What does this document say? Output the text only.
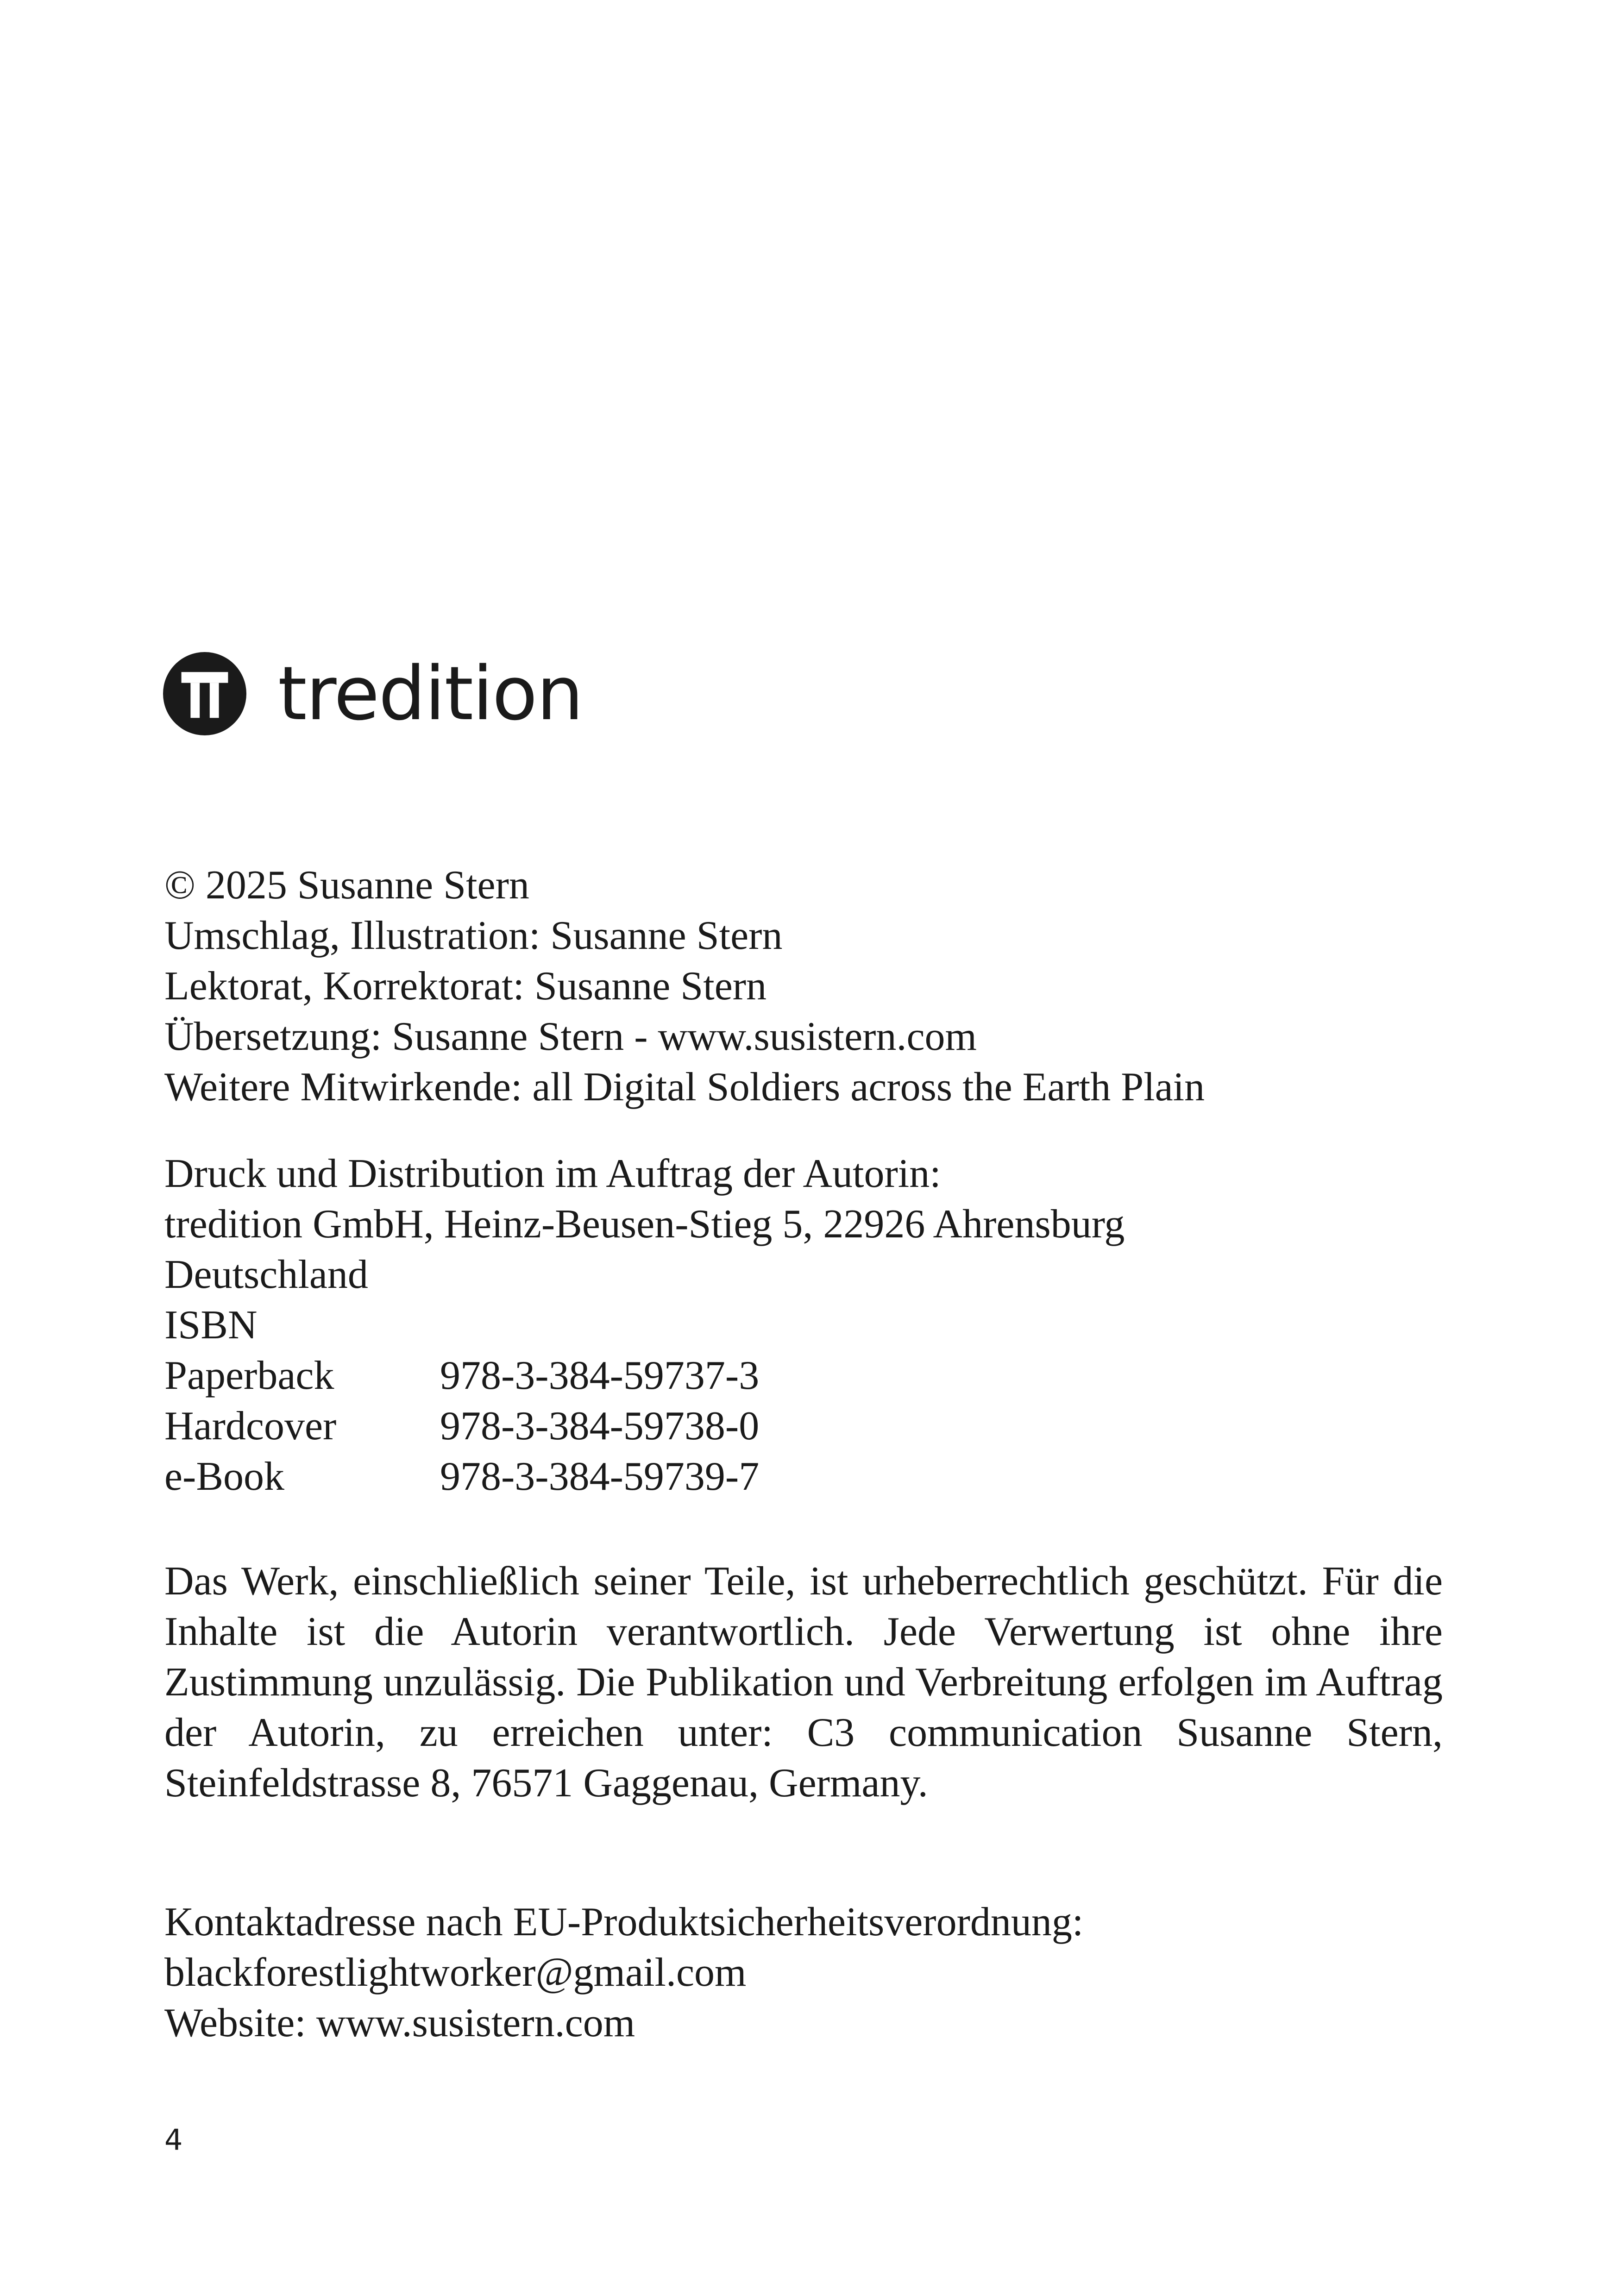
tredition
© 2025 Susanne Stern
Umschlag, Illustration: Susanne Stern
Lektorat, Korrektorat: Susanne Stern
Übersetzung: Susanne Stern - www.susistern.com
Weitere Mitwirkende: all Digital Soldiers across the Earth Plain
Druck und Distribution im Auftrag der Autorin:
tredition GmbH, Heinz-Beusen-Stieg 5, 22926 Ahrensburg
Deutschland
ISBN
Paperback	978-3-384-59737-3
Hardcover	978-3-384-59738-0
e-Book	978-3-384-59739-7
Das Werk, einschließlich seiner Teile, ist urheberrechtlich geschützt. Für die Inhalte ist die Autorin verantwortlich. Jede Verwertung ist ohne ihre Zustimmung unzulässig. Die Publikation und Verbreitung erfolgen im Auftrag der Autorin, zu erreichen unter: C3 communication Susanne Stern, Steinfeldstrasse 8, 76571 Gaggenau, Germany.
Kontaktadresse nach EU-Produktsicherheitsverordnung:
blackforestlightworker@gmail.com
Website: www.susistern.com
4
